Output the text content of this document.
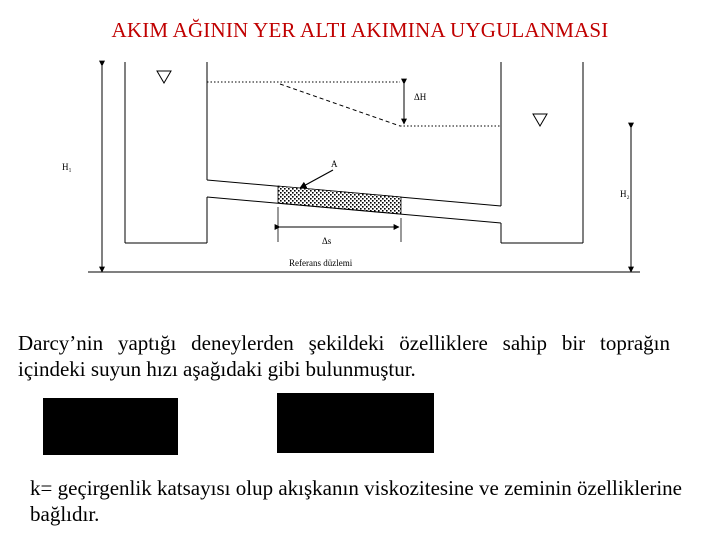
AKIM AĞININ YER ALTI AKIMINA UYGULANMASI
ΔH
H₁
H₂
A
Δs
Referans düzlemi
Darcy’nin yaptığı deneylerden şekildeki özelliklere sahip bir toprağın içindeki suyun hızı aşağıdaki gibi bulunmuştur.
k= geçirgenlik katsayısı olup akışkanın viskozitesine ve zeminin özelliklerine bağlıdır.
